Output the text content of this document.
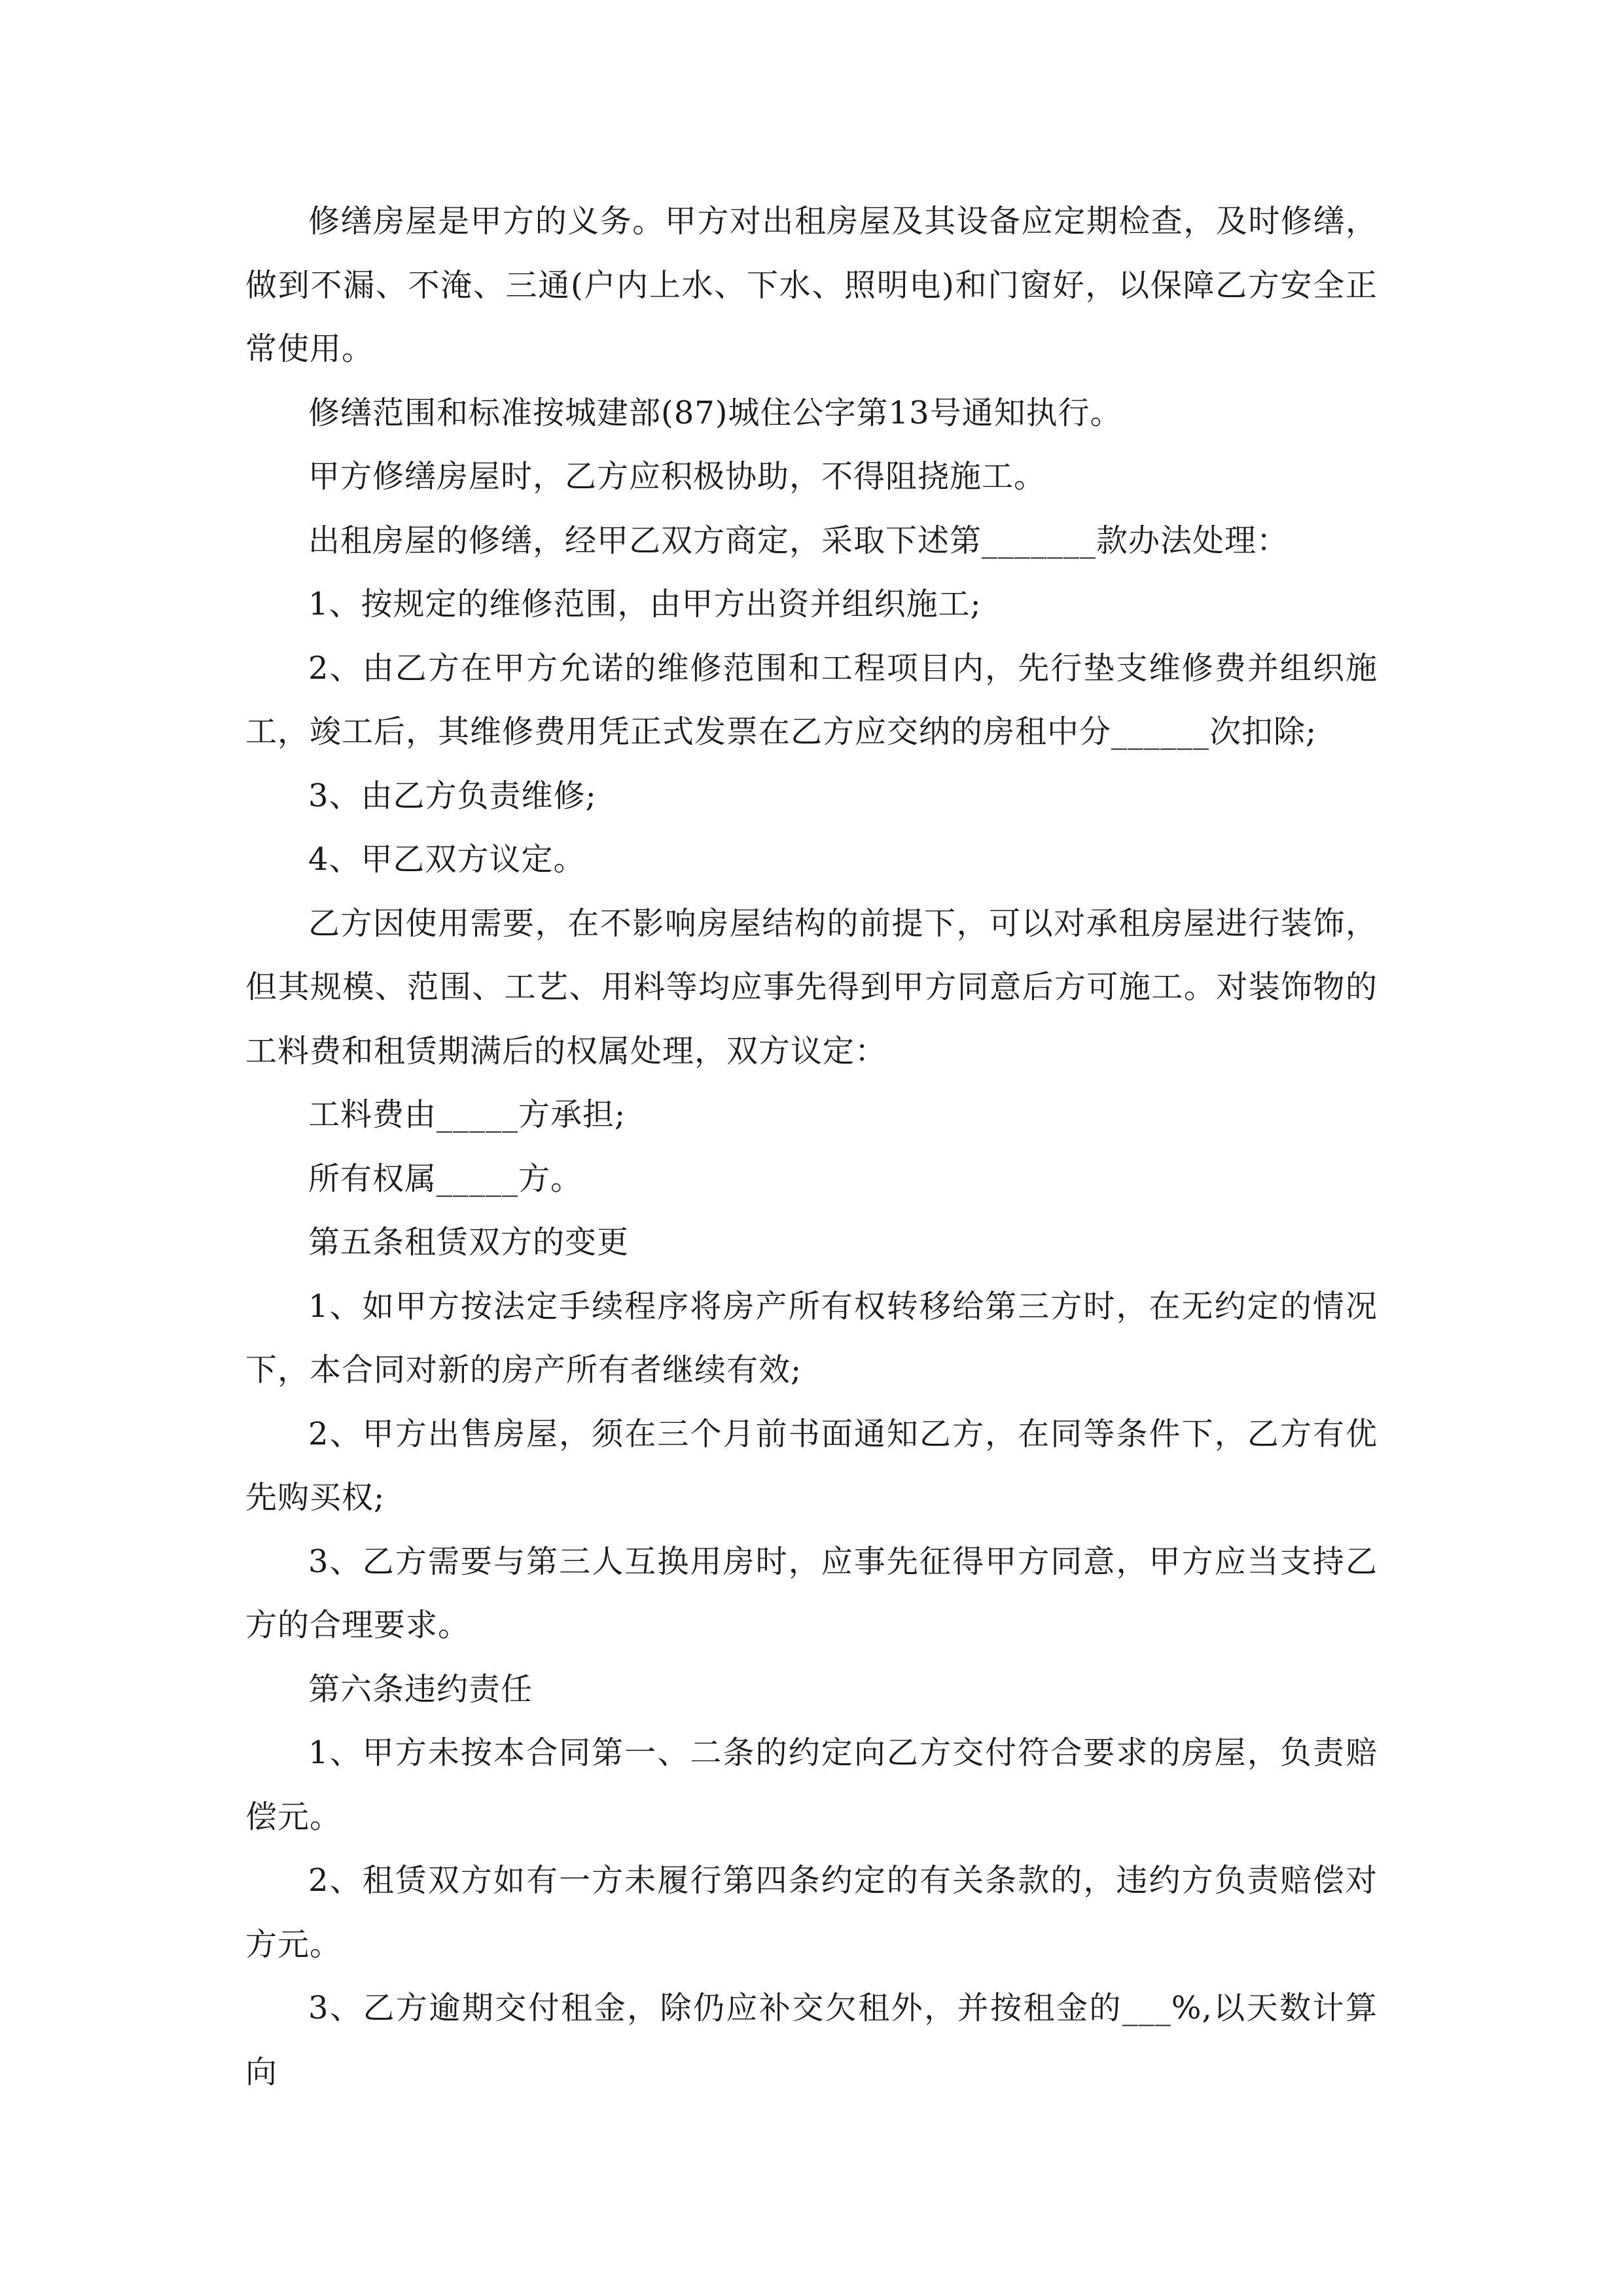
修缮房屋是甲方的义务。甲方对出租房屋及其设备应定期检查，及时修缮，做到不漏、不淹、三通(户内上水、下水、照明电)和门窗好，以保障乙方安全正常使用。

修缮范围和标准按城建部(87)城住公字第13号通知执行。

甲方修缮房屋时，乙方应积极协助，不得阻挠施工。

出租房屋的修缮，经甲乙双方商定，采取下述第_______款办法处理：

1、按规定的维修范围，由甲方出资并组织施工;

2、由乙方在甲方允诺的维修范围和工程项目内，先行垫支维修费并组织施工，竣工后，其维修费用凭正式发票在乙方应交纳的房租中分______次扣除;

3、由乙方负责维修;

4、甲乙双方议定。

乙方因使用需要，在不影响房屋结构的前提下，可以对承租房屋进行装饰，但其规模、范围、工艺、用料等均应事先得到甲方同意后方可施工。对装饰物的工料费和租赁期满后的权属处理，双方议定：

工料费由_____方承担;

所有权属_____方。

第五条租赁双方的变更

1、如甲方按法定手续程序将房产所有权转移给第三方时，在无约定的情况下，本合同对新的房产所有者继续有效;

2、甲方出售房屋，须在三个月前书面通知乙方，在同等条件下，乙方有优先购买权;

3、乙方需要与第三人互换用房时，应事先征得甲方同意，甲方应当支持乙方的合理要求。

第六条违约责任

1、甲方未按本合同第一、二条的约定向乙方交付符合要求的房屋，负责赔偿元。

2、租赁双方如有一方未履行第四条约定的有关条款的，违约方负责赔偿对方元。

3、乙方逾期交付租金，除仍应补交欠租外，并按租金的___%,以天数计算向
